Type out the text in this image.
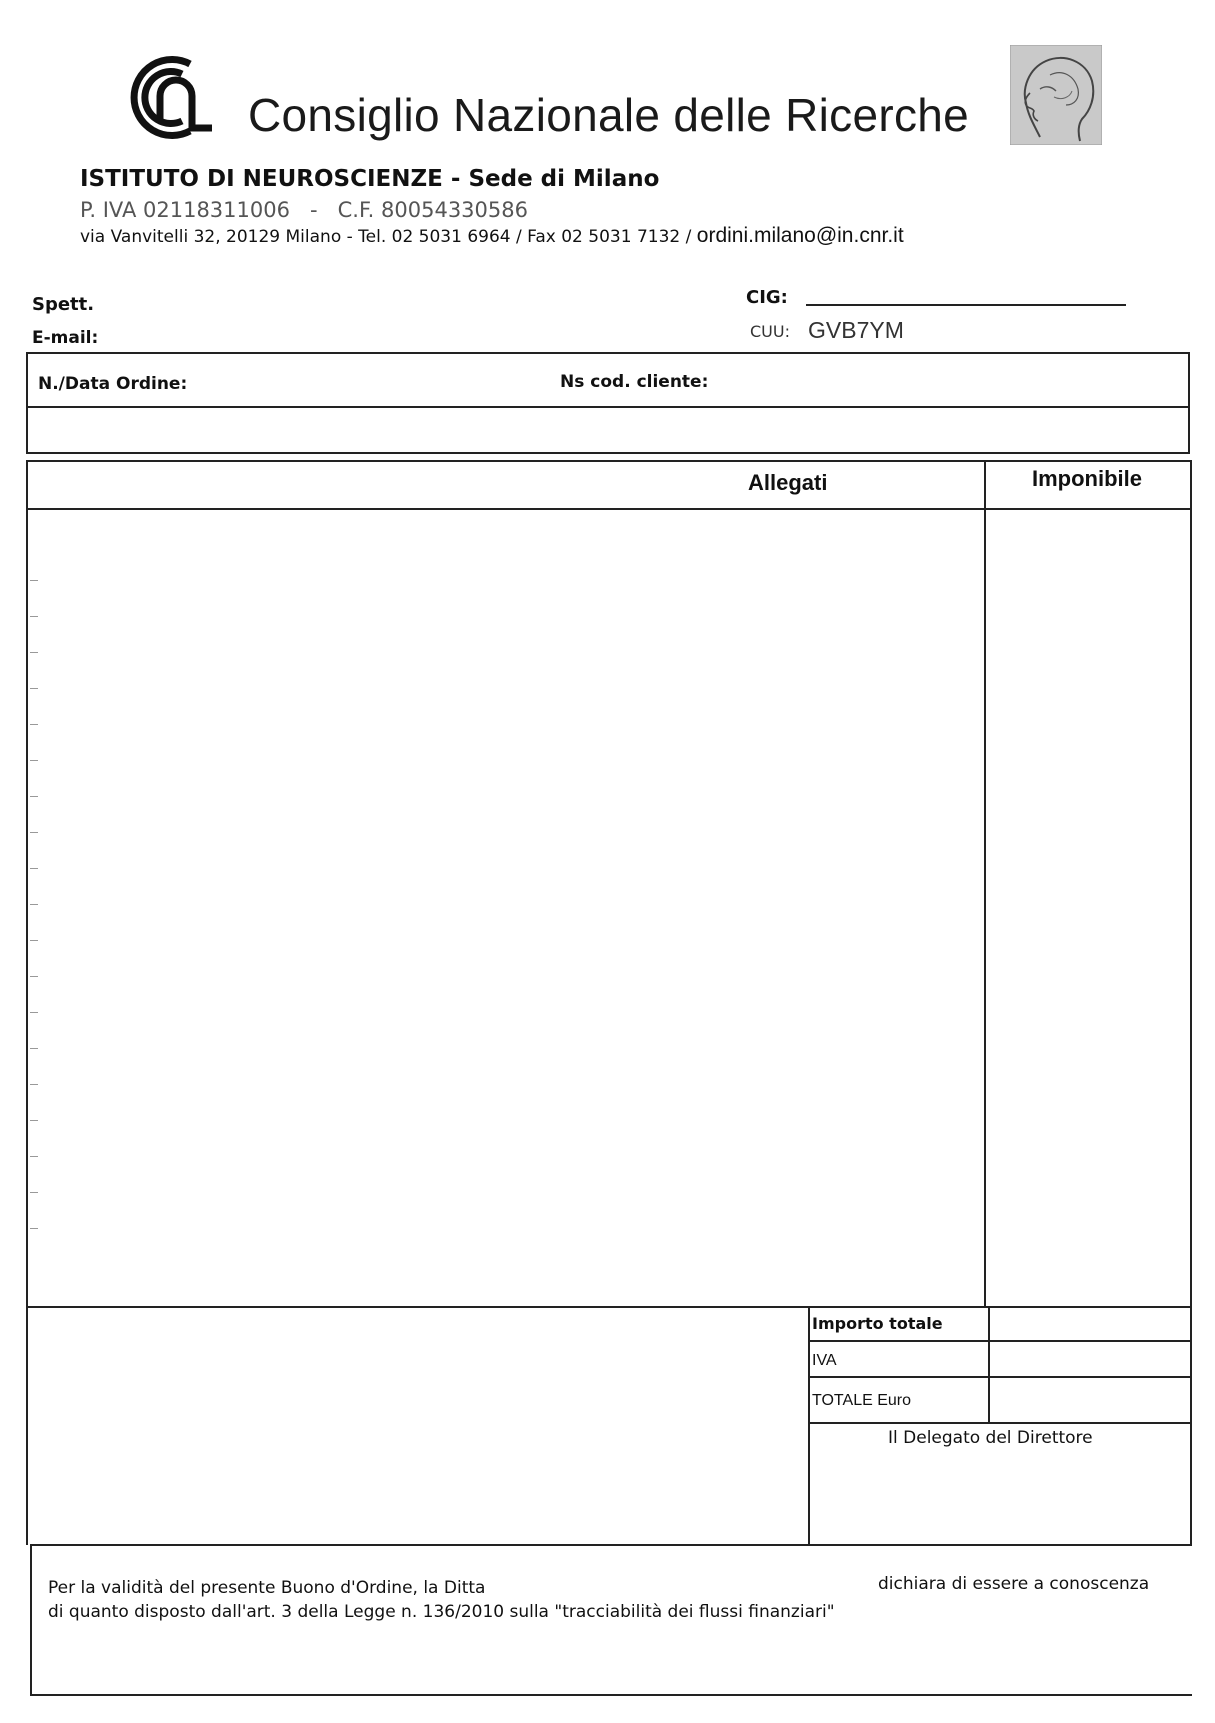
Consiglio Nazionale delle Ricerche
ISTITUTO DI NEUROSCIENZE - Sede di Milano
P. IVA 02118311006 - C.F. 80054330586
via Vanvitelli 32, 20129 Milano - Tel. 02 5031 6964 / Fax 02 5031 7132 / ordini.milano@in.cnr.it
Spett.
E-mail:
CIG:
CUU: GVB7YM
N./Data Ordine:	Ns cod. cliente:
Allegati	Imponibile
Importo totale
IVA
TOTALE Euro
Il Delegato del Direttore
Per la validità del presente Buono d'Ordine, la Ditta	dichiara di essere a conoscenza
di quanto disposto dall'art. 3 della Legge n. 136/2010 sulla "tracciabilità dei flussi finanziari"
